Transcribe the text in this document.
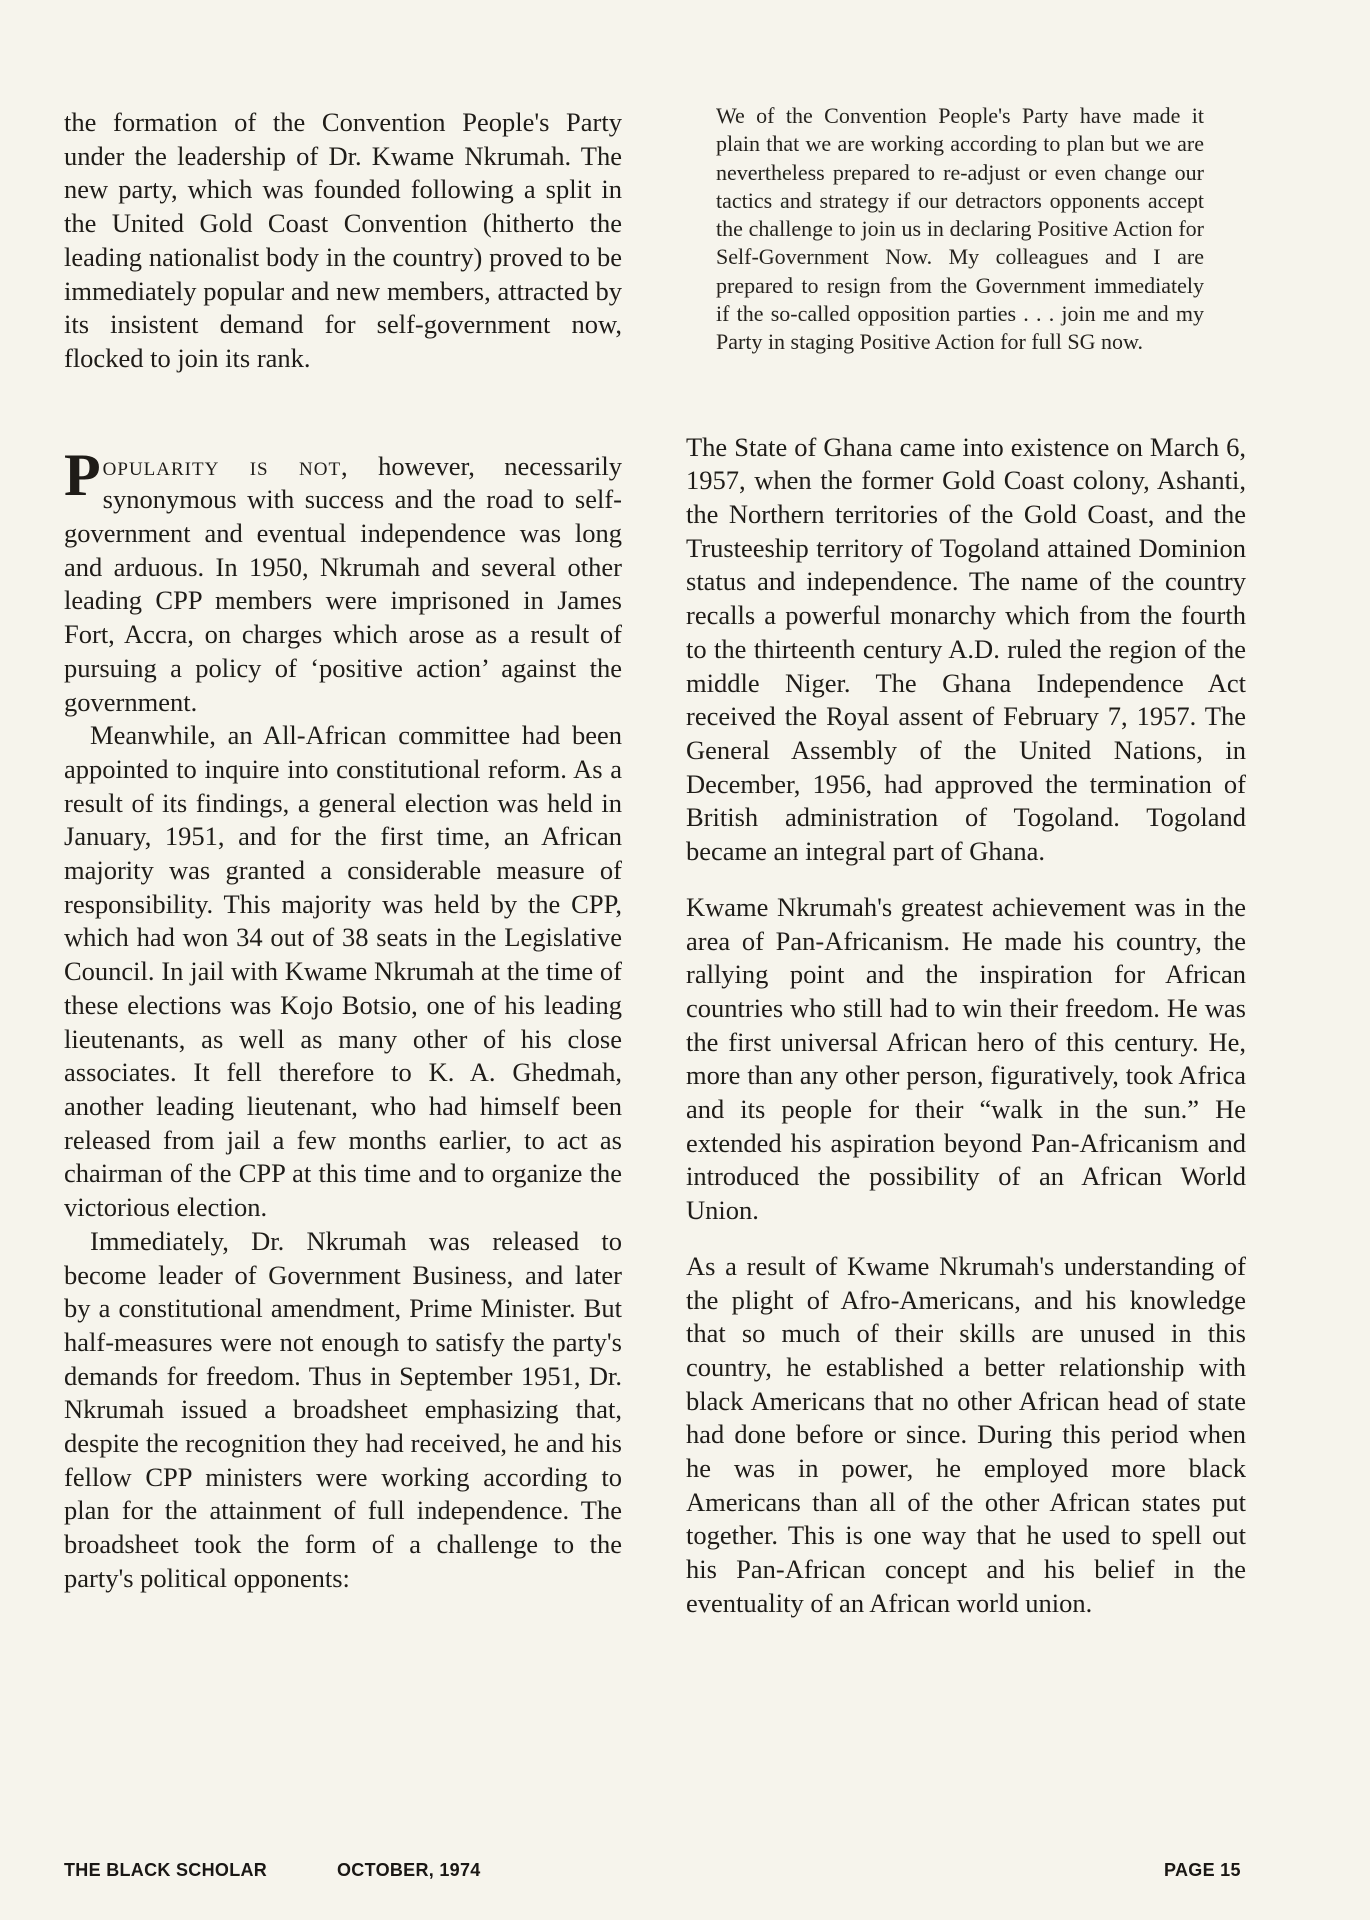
the formation of the Convention People's Party under the leadership of Dr. Kwame Nkrumah. The new party, which was founded following a split in the United Gold Coast Convention (hitherto the leading nationalist body in the country) proved to be immediately popular and new members, attracted by its insistent demand for self-government now, flocked to join its rank.

Popularity is not, however, necessarily synonymous with success and the road to self-government and eventual independence was long and arduous. In 1950, Nkrumah and several other leading CPP members were imprisoned in James Fort, Accra, on charges which arose as a result of pursuing a policy of ‘positive action’ against the government.

Meanwhile, an All-African committee had been appointed to inquire into constitutional reform. As a result of its findings, a general election was held in January, 1951, and for the first time, an African majority was granted a considerable measure of responsibility. This majority was held by the CPP, which had won 34 out of 38 seats in the Legislative Council. In jail with Kwame Nkrumah at the time of these elections was Kojo Botsio, one of his leading lieutenants, as well as many other of his close associates. It fell therefore to K. A. Ghedmah, another leading lieutenant, who had himself been released from jail a few months earlier, to act as chairman of the CPP at this time and to organize the victorious election.

Immediately, Dr. Nkrumah was released to become leader of Government Business, and later by a constitutional amendment, Prime Minister. But half-measures were not enough to satisfy the party's demands for freedom. Thus in September 1951, Dr. Nkrumah issued a broadsheet emphasizing that, despite the recognition they had received, he and his fellow CPP ministers were working according to plan for the attainment of full independence. The broadsheet took the form of a challenge to the party's political opponents:

We of the Convention People's Party have made it plain that we are working according to plan but we are nevertheless prepared to re-adjust or even change our tactics and strategy if our detractors opponents accept the challenge to join us in declaring Positive Action for Self-Government Now. My colleagues and I are prepared to resign from the Government immediately if the so-called opposition parties . . . join me and my Party in staging Positive Action for full SG now.

The State of Ghana came into existence on March 6, 1957, when the former Gold Coast colony, Ashanti, the Northern territories of the Gold Coast, and the Trusteeship territory of Togoland attained Dominion status and independence. The name of the country recalls a powerful monarchy which from the fourth to the thirteenth century A.D. ruled the region of the middle Niger. The Ghana Independence Act received the Royal assent of February 7, 1957. The General Assembly of the United Nations, in December, 1956, had approved the termination of British administration of Togoland. Togoland became an integral part of Ghana.

Kwame Nkrumah's greatest achievement was in the area of Pan-Africanism. He made his country, the rallying point and the inspiration for African countries who still had to win their freedom. He was the first universal African hero of this century. He, more than any other person, figuratively, took Africa and its people for their “walk in the sun.” He extended his aspiration beyond Pan-Africanism and introduced the possibility of an African World Union.

As a result of Kwame Nkrumah's understanding of the plight of Afro-Americans, and his knowledge that so much of their skills are unused in this country, he established a better relationship with black Americans that no other African head of state had done before or since. During this period when he was in power, he employed more black Americans than all of the other African states put together. This is one way that he used to spell out his Pan-African concept and his belief in the eventuality of an African world union.

THE BLACK SCHOLAR	OCTOBER, 1974	PAGE 15
